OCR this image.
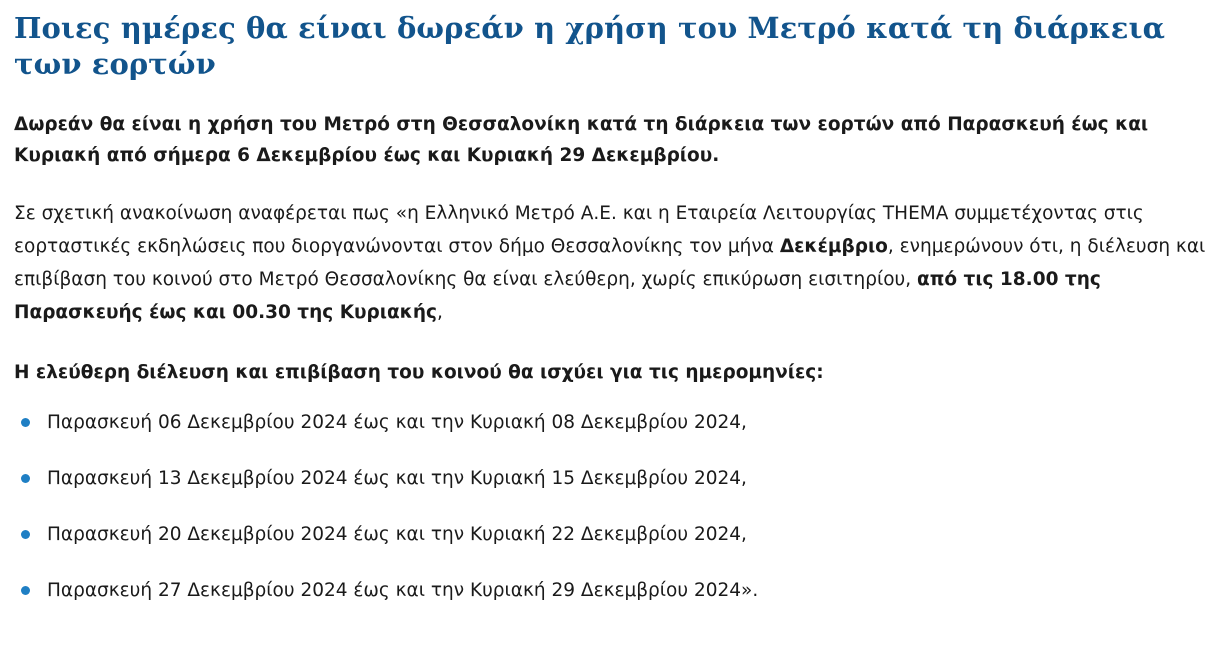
Ποιες ημέρες θα είναι δωρεάν η χρήση του Μετρό κατά τη διάρκεια των εορτών

Δωρεάν θα είναι η χρήση του Μετρό στη Θεσσαλονίκη κατά τη διάρκεια των εορτών από Παρασκευή έως και Κυριακή από σήμερα 6 Δεκεμβρίου έως και Κυριακή 29 Δεκεμβρίου.

Σε σχετική ανακοίνωση αναφέρεται πως «η Ελληνικό Μετρό Α.Ε. και η Εταιρεία Λειτουργίας ΤΗΕΜΑ συμμετέχοντας στις εορταστικές εκδηλώσεις που διοργανώνονται στον δήμο Θεσσαλονίκης τον μήνα Δεκέμβριο, ενημερώνουν ότι, η διέλευση και επιβίβαση του κοινού στο Μετρό Θεσσαλονίκης θα είναι ελεύθερη, χωρίς επικύρωση εισιτηρίου, από τις 18.00 της Παρασκευής έως και 00.30 της Κυριακής,

Η ελεύθερη διέλευση και επιβίβαση του κοινού θα ισχύει για τις ημερομηνίες:

Παρασκευή 06 Δεκεμβρίου 2024 έως και την Κυριακή 08 Δεκεμβρίου 2024,
Παρασκευή 13 Δεκεμβρίου 2024 έως και την Κυριακή 15 Δεκεμβρίου 2024,
Παρασκευή 20 Δεκεμβρίου 2024 έως και την Κυριακή 22 Δεκεμβρίου 2024,
Παρασκευή 27 Δεκεμβρίου 2024 έως και την Κυριακή 29 Δεκεμβρίου 2024».
